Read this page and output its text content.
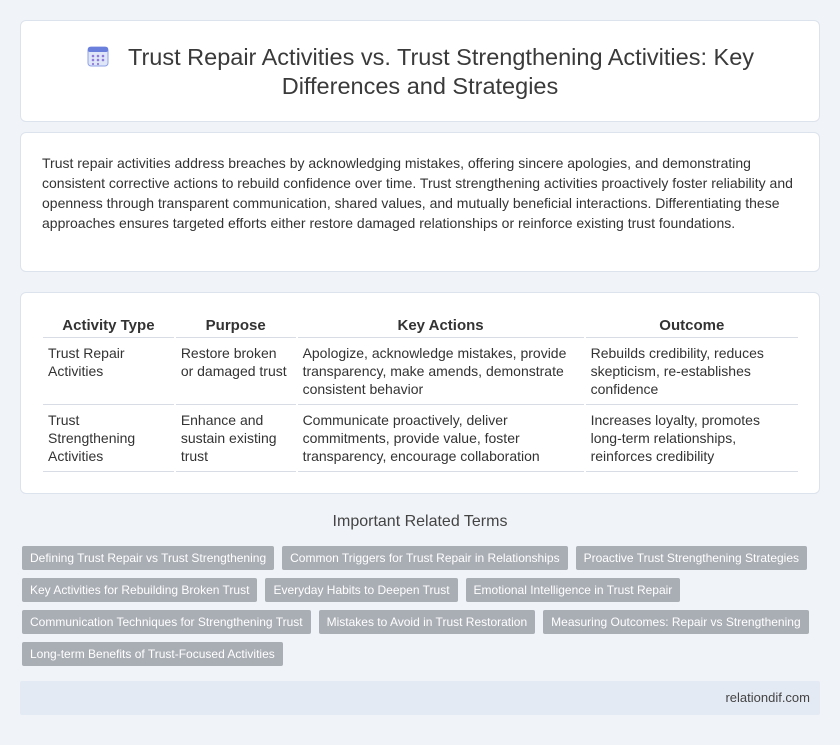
Trust Repair Activities vs. Trust Strengthening Activities: Key Differences and Strategies

Trust repair activities address breaches by acknowledging mistakes, offering sincere apologies, and demonstrating consistent corrective actions to rebuild confidence over time. Trust strengthening activities proactively foster reliability and openness through transparent communication, shared values, and mutually beneficial interactions. Differentiating these approaches ensures targeted efforts either restore damaged relationships or reinforce existing trust foundations.

Activity Type	Purpose	Key Actions	Outcome
Trust Repair Activities	Restore broken or damaged trust	Apologize, acknowledge mistakes, provide transparency, make amends, demonstrate consistent behavior	Rebuilds credibility, reduces skepticism, re-establishes confidence
Trust Strengthening Activities	Enhance and sustain existing trust	Communicate proactively, deliver commitments, provide value, foster transparency, encourage collaboration	Increases loyalty, promotes long-term relationships, reinforces credibility
Important Related Terms
Defining Trust Repair vs Trust Strengthening	Common Triggers for Trust Repair in Relationships	Proactive Trust Strengthening Strategies
Key Activities for Rebuilding Broken Trust	Everyday Habits to Deepen Trust	Emotional Intelligence in Trust Repair
Communication Techniques for Strengthening Trust	Mistakes to Avoid in Trust Restoration	Measuring Outcomes: Repair vs Strengthening
Long-term Benefits of Trust-Focused Activities
relationdif.com
